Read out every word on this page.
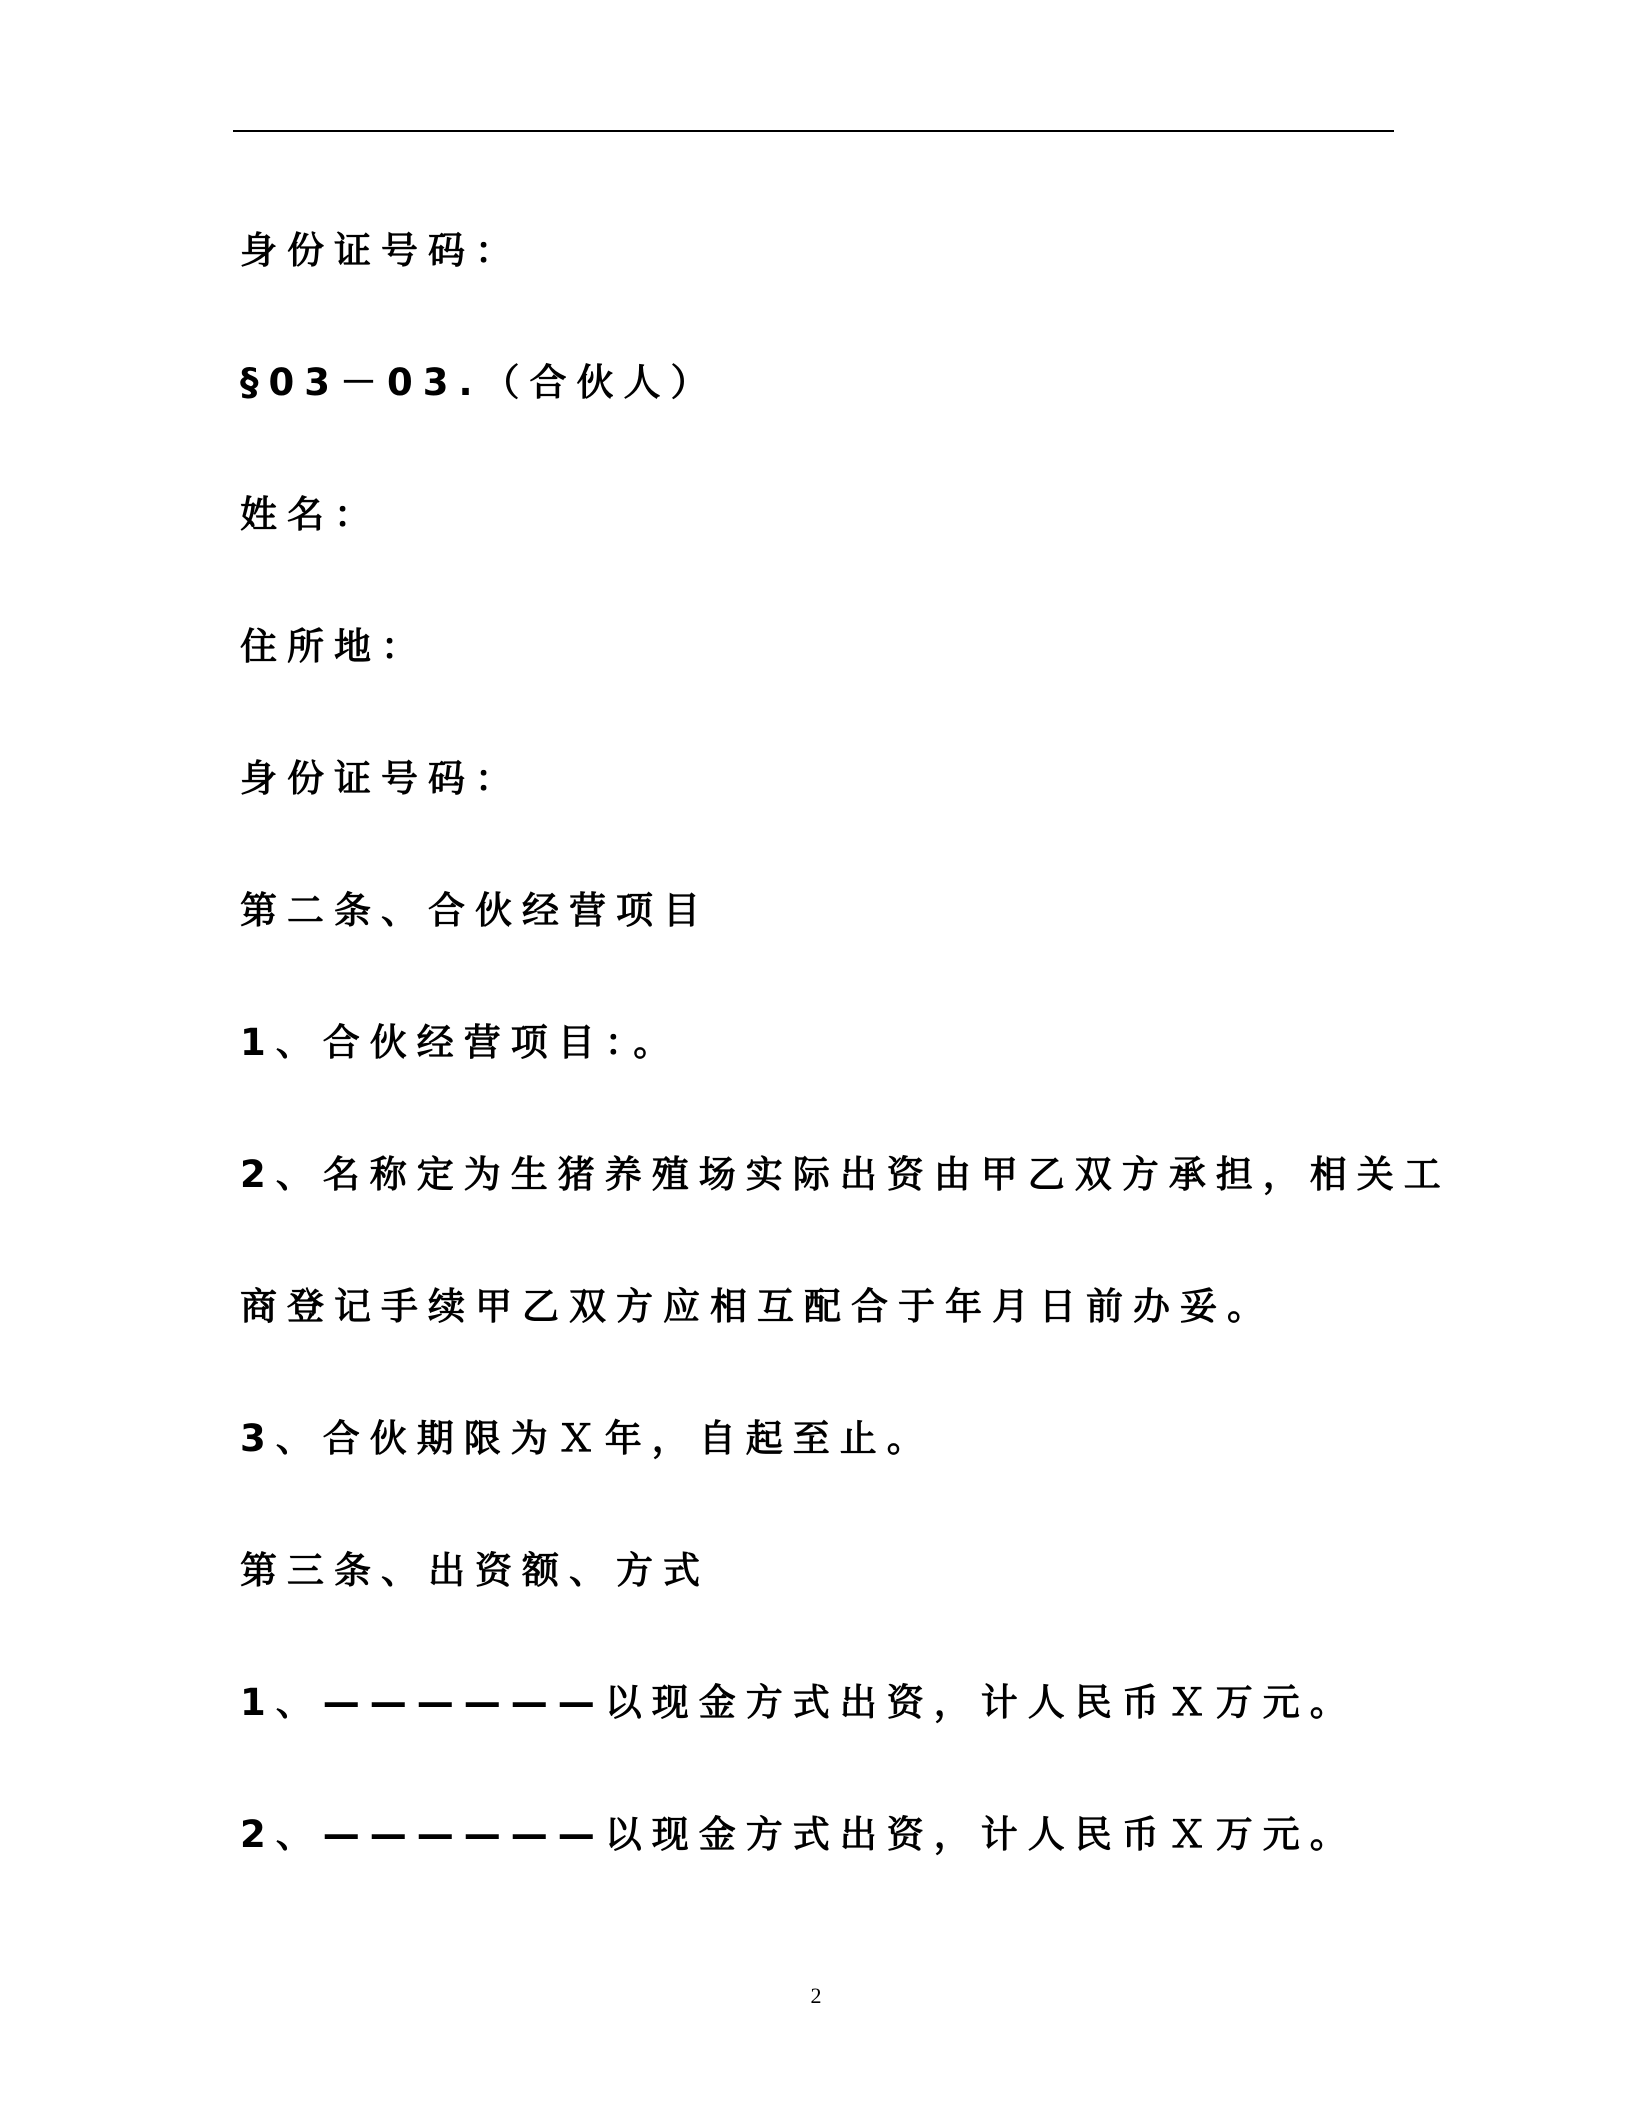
身份证号码：
§03－03.（合伙人）
姓名：
住所地：
身份证号码：
第二条、合伙经营项目
1、合伙经营项目：。
2、名称定为生猪养殖场实际出资由甲乙双方承担，相关工
商登记手续甲乙双方应相互配合于年月日前办妥。
3、合伙期限为Ｘ年，自起至止。
第三条、出资额、方式
1、——————以现金方式出资，计人民币Ｘ万元。
2、——————以现金方式出资，计人民币Ｘ万元。
2
